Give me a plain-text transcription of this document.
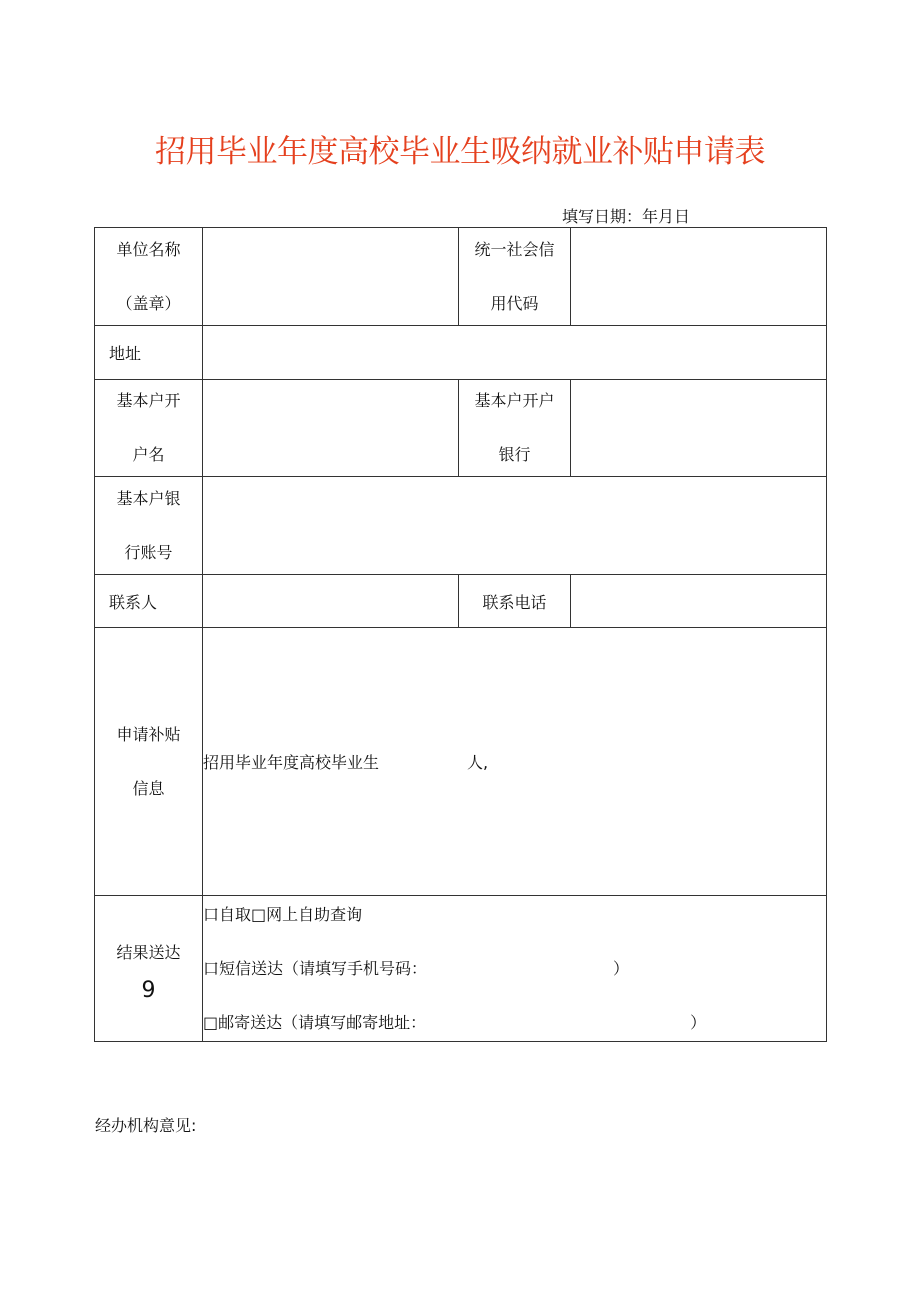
招用毕业年度高校毕业生吸纳就业补贴申请表
填写日期：年月日
单位名称
（盖章）		统一社会信
用代码	

地址			

基本户开
户名		基本户开户
银行	

基本户银
行账号			

联系人		联系电话	

申请补贴
信息	招用毕业年度高校毕业生 人,		

结果送达
9	口自取□网上自助查询
口短信送达（请填写手机号码： ）
□邮寄送达（请填写邮寄地址： ）		
经办机构意见:
